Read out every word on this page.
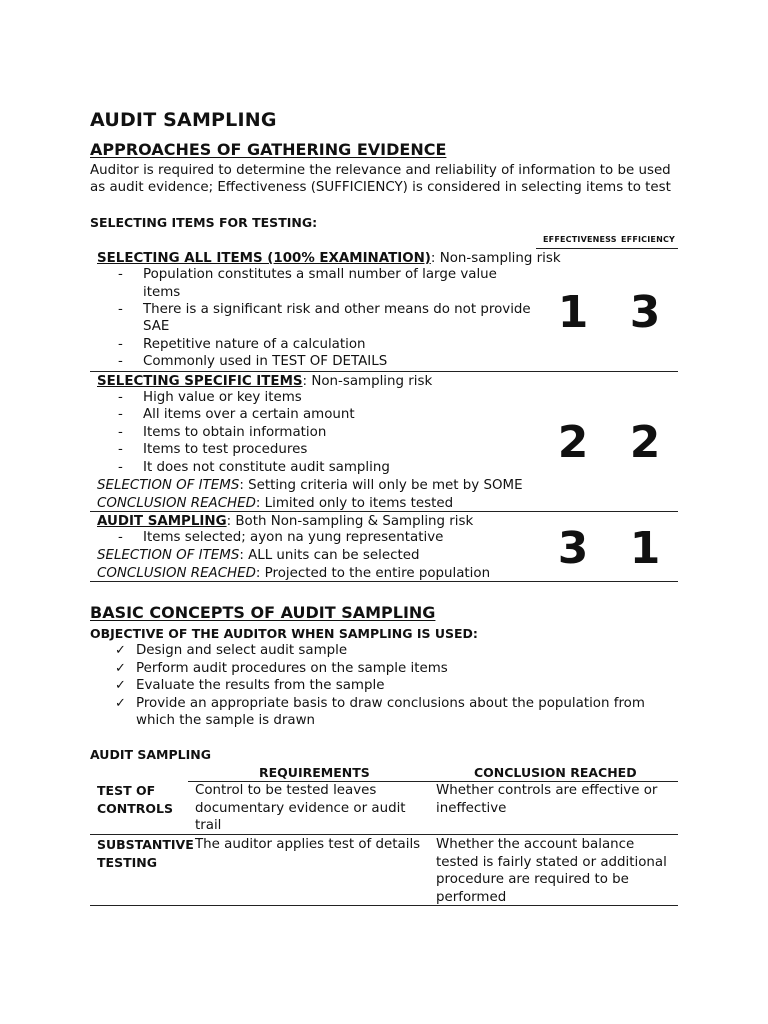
AUDIT SAMPLING
APPROACHES OF GATHERING EVIDENCE
Auditor is required to determine the relevance and reliability of information to be used
as audit evidence; Effectiveness (SUFFICIENCY) is considered in selecting items to test
SELECTING ITEMS FOR TESTING:
EFFECTIVENESS EFFICIENCY
SELECTING ALL ITEMS (100% EXAMINATION): Non-sampling risk
- Population constitutes a small number of large value
items
- There is a significant risk and other means do not provide
SAE
- Repetitive nature of a calculation
- Commonly used in TEST OF DETAILS
1 3
SELECTING SPECIFIC ITEMS: Non-sampling risk
- High value or key items
- All items over a certain amount
- Items to obtain information
- Items to test procedures
- It does not constitute audit sampling
SELECTION OF ITEMS: Setting criteria will only be met by SOME
CONCLUSION REACHED: Limited only to items tested
2 2
AUDIT SAMPLING: Both Non-sampling & Sampling risk
- Items selected; ayon na yung representative
SELECTION OF ITEMS: ALL units can be selected
CONCLUSION REACHED: Projected to the entire population	3 1
BASIC CONCEPTS OF AUDIT SAMPLING
OBJECTIVE OF THE AUDITOR WHEN SAMPLING IS USED:
✓ Design and select audit sample
✓ Perform audit procedures on the sample items
✓ Evaluate the results from the sample
✓ Provide an appropriate basis to draw conclusions about the population from
which the sample is drawn
AUDIT SAMPLING
REQUIREMENTS	CONCLUSION REACHED
TEST OF
CONTROLS
Control to be tested leaves
documentary evidence or audit
trail
Whether controls are effective or
ineffective
SUBSTANTIVE
TESTING
The auditor applies test of details Whether the account balance
tested is fairly stated or additional
procedure are required to be
performed
